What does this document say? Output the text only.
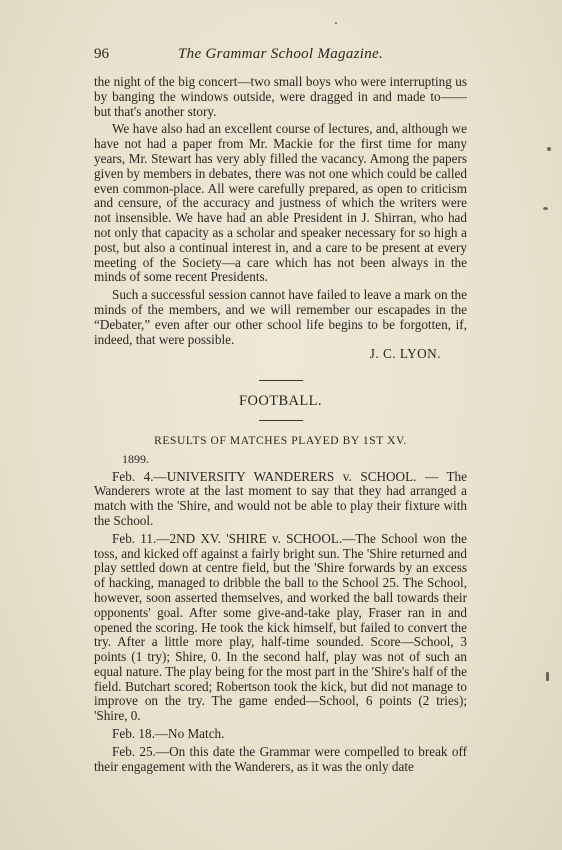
96	The Grammar School Magazine.

the night of the big concert—two small boys who were interrupting us by banging the windows outside, were dragged in and made to——but that's another story.

We have also had an excellent course of lectures, and, although we have not had a paper from Mr. Mackie for the first time for many years, Mr. Stewart has very ably filled the vacancy. Among the papers given by members in debates, there was not one which could be called even common-place. All were carefully prepared, as open to criticism and censure, of the accuracy and justness of which the writers were not insensible. We have had an able President in J. Shirran, who had not only that capacity as a scholar and speaker necessary for so high a post, but also a continual interest in, and a care to be present at every meeting of the Society—a care which has not been always in the minds of some recent Presidents.

Such a successful session cannot have failed to leave a mark on the minds of the members, and we will remember our escapades in the “Debater,” even after our other school life begins to be forgotten, if, indeed, that were possible.

J. C. LYON.

FOOTBALL.
RESULTS OF MATCHES PLAYED BY 1ST XV.
1899.

Feb. 4.—UNIVERSITY WANDERERS v. SCHOOL. — The Wanderers wrote at the last moment to say that they had arranged a match with the 'Shire, and would not be able to play their fixture with the School.

Feb. 11.—2ND XV. 'SHIRE v. SCHOOL.—The School won the toss, and kicked off against a fairly bright sun. The 'Shire returned and play settled down at centre field, but the 'Shire forwards by an excess of hacking, managed to dribble the ball to the School 25. The School, however, soon asserted themselves, and worked the ball towards their opponents' goal. After some give-and-take play, Fraser ran in and opened the scoring. He took the kick himself, but failed to convert the try. After a little more play, half-time sounded. Score—School, 3 points (1 try); Shire, 0. In the second half, play was not of such an equal nature. The play being for the most part in the 'Shire's half of the field. Butchart scored; Robertson took the kick, but did not manage to improve on the try. The game ended—School, 6 points (2 tries); 'Shire, 0.

Feb. 18.—No Match.

Feb. 25.—On this date the Grammar were compelled to break off their engagement with the Wanderers, as it was the only date
